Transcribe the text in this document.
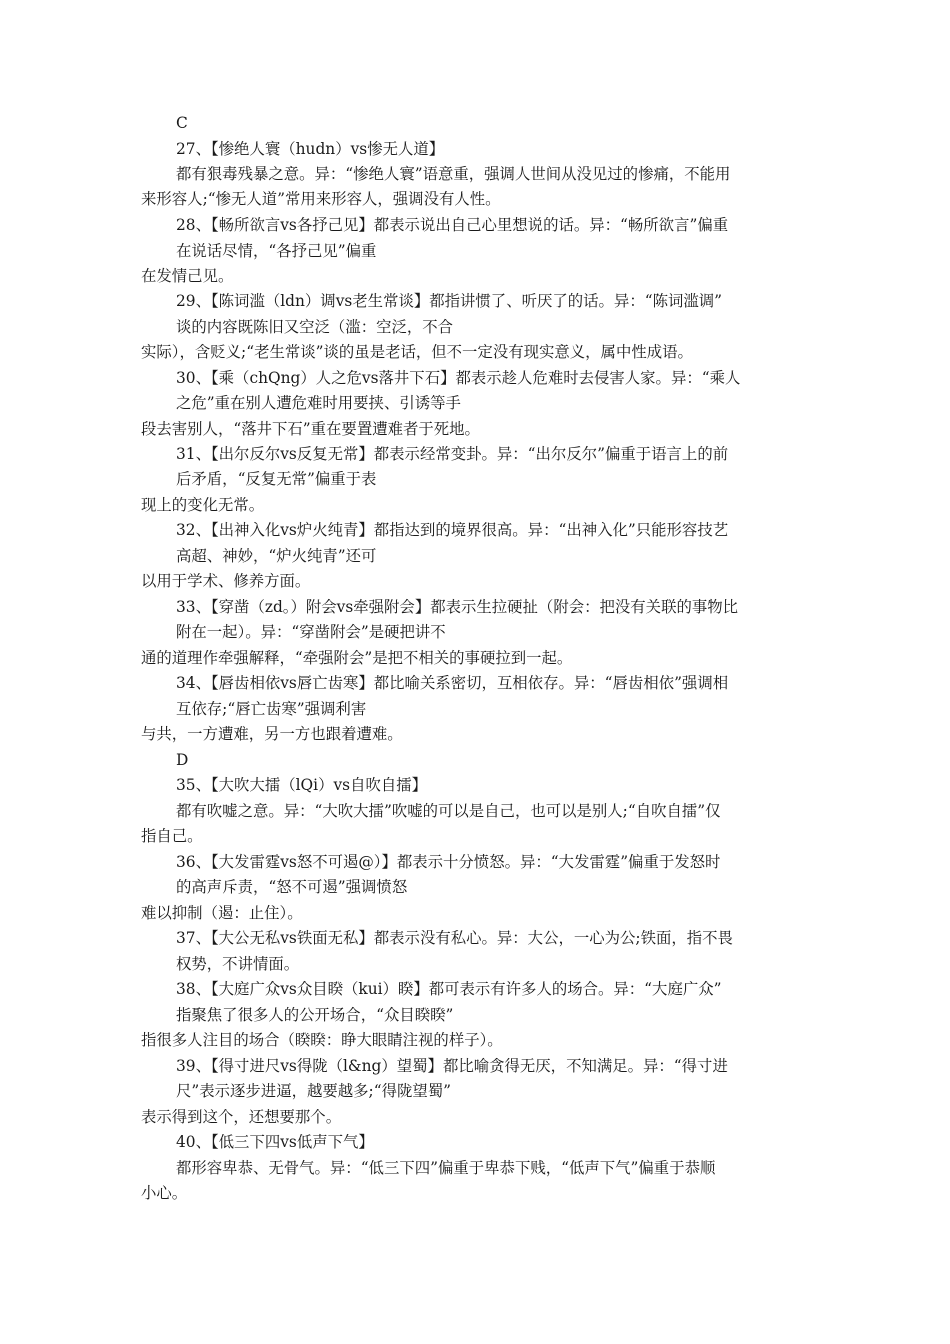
C
27、【惨绝人寰（hudn）vs惨无人道】
都有狠毒残暴之意。异：“惨绝人寰”语意重，强调人世间从没见过的惨痛，不能用
来形容人;“惨无人道”常用来形容人，强调没有人性。
28、【畅所欲言vs各抒己见】都表示说出自己心里想说的话。异：“畅所欲言”偏重
在说话尽情，“各抒己见”偏重
在发情己见。
29、【陈词滥（ldn）调vs老生常谈】都指讲惯了、听厌了的话。异：“陈词滥调”
谈的内容既陈旧又空泛（滥：空泛，不合
实际），含贬义;“老生常谈”谈的虽是老话，但不一定没有现实意义，属中性成语。
30、【乘（chQng）人之危vs落井下石】都表示趁人危难时去侵害人家。异：“乘人
之危”重在别人遭危难时用要挟、引诱等手
段去害别人，“落井下石”重在要置遭难者于死地。
31、【出尔反尔vs反复无常】都表示经常变卦。异：“出尔反尔”偏重于语言上的前
后矛盾，“反复无常”偏重于表
现上的变化无常。
32、【出神入化vs炉火纯青】都指达到的境界很高。异：“出神入化”只能形容技艺
高超、神妙，“炉火纯青”还可
以用于学术、修养方面。
33、【穿凿（zd。）附会vs牵强附会】都表示生拉硬扯（附会：把没有关联的事物比
附在一起）。异：“穿凿附会”是硬把讲不
通的道理作牵强解释，“牵强附会”是把不相关的事硬拉到一起。
34、【唇齿相依vs唇亡齿寒】都比喻关系密切，互相依存。异：“唇齿相依”强调相
互依存;“唇亡齿寒”强调利害
与共，一方遭难，另一方也跟着遭难。
D
35、【大吹大擂（lQi）vs自吹自擂】
都有吹嘘之意。异：“大吹大擂”吹嘘的可以是自己，也可以是别人;“自吹自擂”仅
指自己。
36、【大发雷霆vs怒不可遏@）】都表示十分愤怒。异：“大发雷霆”偏重于发怒时
的高声斥责，“怒不可遏”强调愤怒
难以抑制（遏：止住）。
37、【大公无私vs铁面无私】都表示没有私心。异：大公，一心为公;铁面，指不畏
权势，不讲情面。
38、【大庭广众vs众目睽（kui）睽】都可表示有许多人的场合。异：“大庭广众”
指聚焦了很多人的公开场合，“众目睽睽”
指很多人注目的场合（睽睽：睁大眼睛注视的样子）。
39、【得寸进尺vs得陇（l&ng）望蜀】都比喻贪得无厌，不知满足。异：“得寸进
尺”表示逐步进逼，越要越多;“得陇望蜀”
表示得到这个，还想要那个。
40、【低三下四vs低声下气】
都形容卑恭、无骨气。异：“低三下四”偏重于卑恭下贱，“低声下气”偏重于恭顺
小心。
